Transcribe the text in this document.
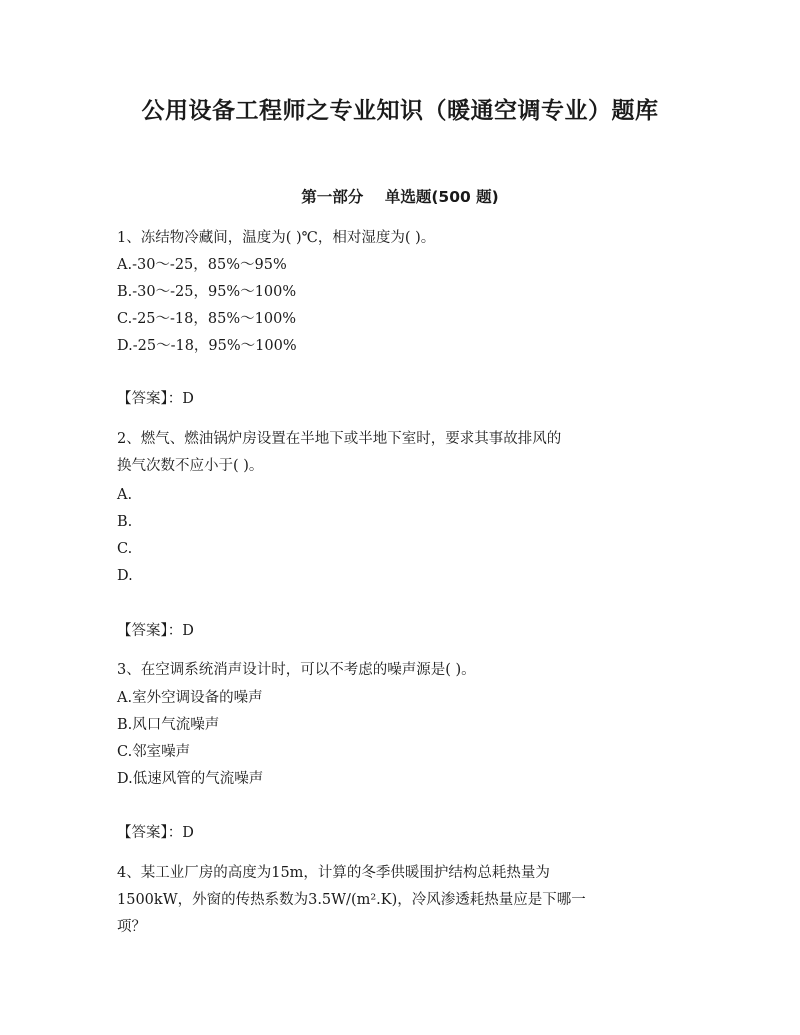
公用设备工程师之专业知识（暖通空调专业）题库
第一部分    单选题(500 题)
1、冻结物冷藏间，温度为( )℃，相对湿度为( )。
A.-30～-25，85%～95%
B.-30～-25，95%～100%
C.-25～-18，85%～100%
D.-25～-18，95%～100%
【答案】：D
2、燃气、燃油锅炉房设置在半地下或半地下室时，要求其事故排风的
换气次数不应小于( )。
A.
B.
C.
D.
【答案】：D
3、在空调系统消声设计时，可以不考虑的噪声源是( )。
A.室外空调设备的噪声
B.风口气流噪声
C.邻室噪声
D.低速风管的气流噪声
【答案】：D
4、某工业厂房的高度为15m，计算的冬季供暖围护结构总耗热量为
1500kW，外窗的传热系数为3.5W/(m².K)，冷风渗透耗热量应是下哪一
项？
